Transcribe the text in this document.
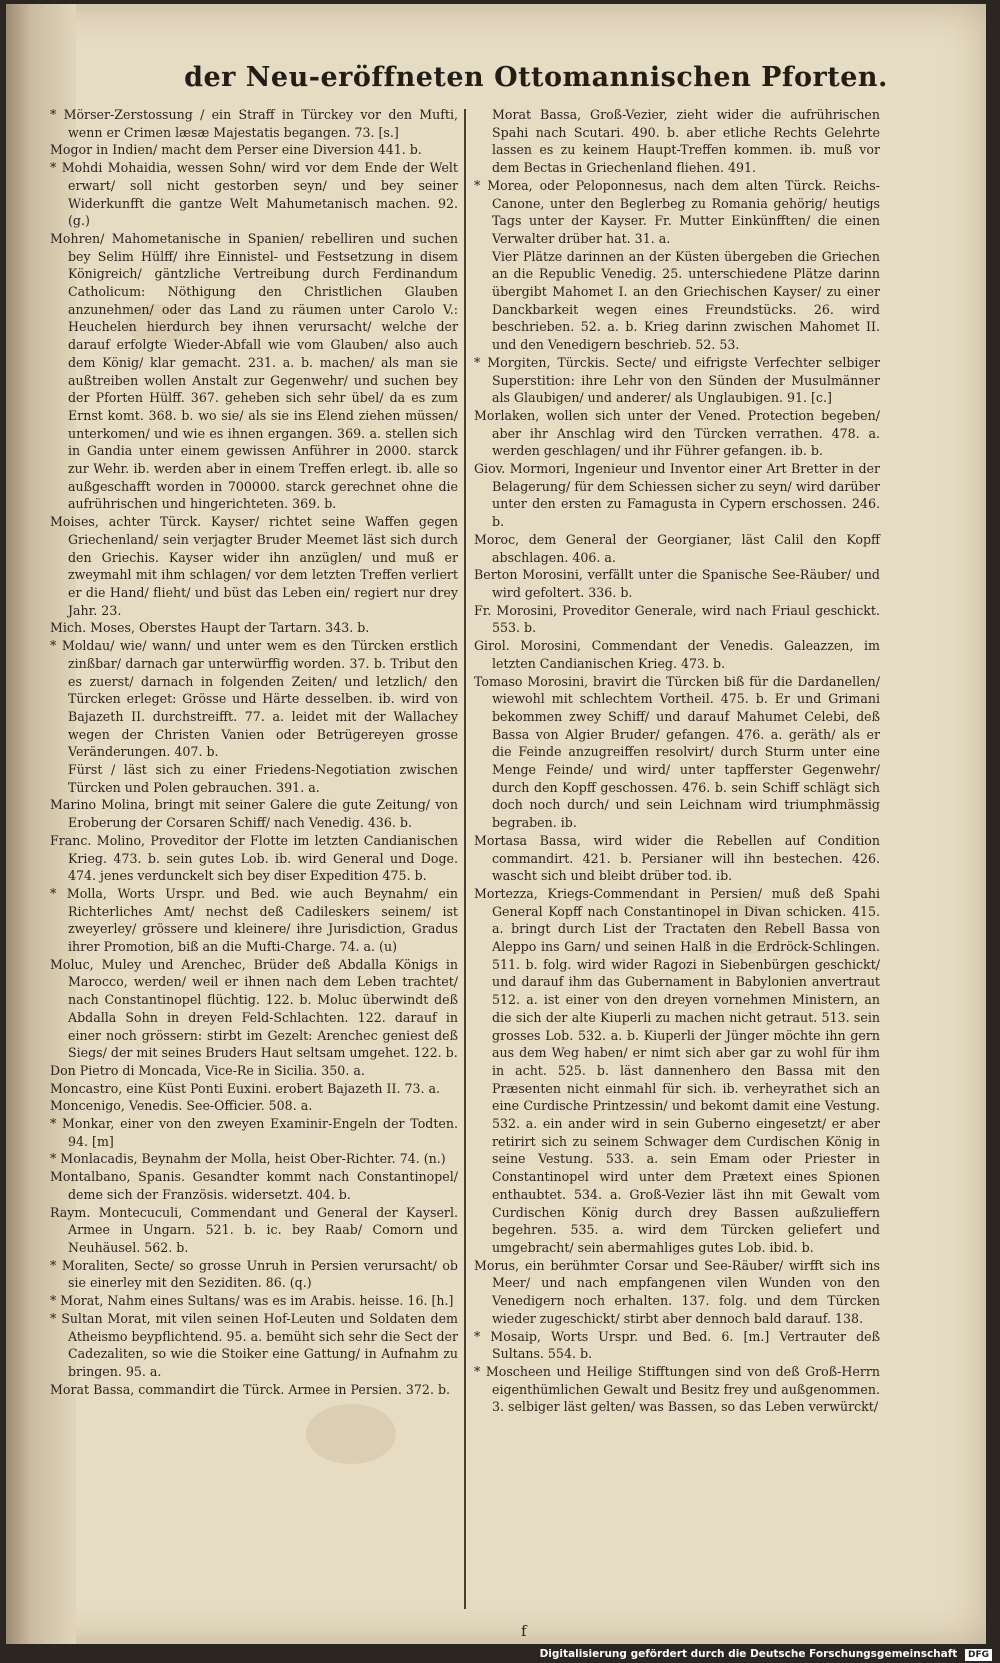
der Neu-eröffneten Ottomannischen Pforten.
* Mörser-Zerstossung / ein Straff in Türckey vor den Mufti, wenn er Crimen læsæ Majestatis begangen. 73. [s.]
Mogor in Indien/ macht dem Perser eine Diversion 441. b.
* Mohdi Mohaidia, wessen Sohn/ wird vor dem Ende der Welt erwart/ soll nicht gestorben seyn/ und bey seiner Widerkunfft die gantze Welt Mahumetanisch machen. 92. (g.)
Mohren/ Mahometanische in Spanien/ rebelliren und suchen bey Selim Hülff/ ihre Einnistel- und Festsetzung in disem Königreich/ gäntzliche Vertreibung durch Ferdinandum Catholicum: Nöthigung den Christlichen Glauben anzunehmen/ oder das Land zu räumen unter Carolo V.: Heuchelen hierdurch bey ihnen verursacht/ welche der darauf erfolgte Wieder-Abfall wie vom Glauben/ also auch dem König/ klar gemacht. 231. a. b. machen/ als man sie außtreiben wollen Anstalt zur Gegenwehr/ und suchen bey der Pforten Hülff. 367. geheben sich sehr übel/ da es zum Ernst komt. 368. b. wo sie/ als sie ins Elend ziehen müssen/ unterkomen/ und wie es ihnen ergangen. 369. a. stellen sich in Gandia unter einem gewissen Anführer in 2000. starck zur Wehr. ib. werden aber in einem Treffen erlegt. ib. alle so außgeschafft worden in 700000. starck gerechnet ohne die aufrührischen und hingerichteten. 369. b.
Moises, achter Türck. Kayser/ richtet seine Waffen gegen Griechenland/ sein verjagter Bruder Meemet läst sich durch den Griechis. Kayser wider ihn anzüglen/ und muß er zweymahl mit ihm schlagen/ vor dem letzten Treffen verliert er die Hand/ flieht/ und büst das Leben ein/ regiert nur drey Jahr. 23.
Mich. Moses, Oberstes Haupt der Tartarn. 343. b.
* Moldau/ wie/ wann/ und unter wem es den Türcken erstlich zinßbar/ darnach gar unterwürffig worden. 37. b. Tribut den es zuerst/ darnach in folgenden Zeiten/ und letzlich/ den Türcken erleget: Grösse und Härte desselben. ib. wird von Bajazeth II. durchstreifft. 77. a. leidet mit der Wallachey wegen der Christen Vanien oder Betrügereyen grosse Veränderungen. 407. b.
Fürst / läst sich zu einer Friedens-Negotiation zwischen Türcken und Polen gebrauchen. 391. a.
Marino Molina, bringt mit seiner Galere die gute Zeitung/ von Eroberung der Corsaren Schiff/ nach Venedig. 436. b.
Franc. Molino, Proveditor der Flotte im letzten Candianischen Krieg. 473. b. sein gutes Lob. ib. wird General und Doge. 474. jenes verdunckelt sich bey diser Expedition 475. b.
* Molla, Worts Urspr. und Bed. wie auch Beynahm/ ein Richterliches Amt/ nechst deß Cadileskers seinem/ ist zweyerley/ grössere und kleinere/ ihre Jurisdiction, Gradus ihrer Promotion, biß an die Mufti-Charge. 74. a. (u)
Moluc, Muley und Arenchec, Brüder deß Abdalla Königs in Marocco, werden/ weil er ihnen nach dem Leben trachtet/ nach Constantinopel flüchtig. 122. b. Moluc überwindt deß Abdalla Sohn in dreyen Feld-Schlachten. 122. darauf in einer noch grössern: stirbt im Gezelt: Arenchec geniest deß Siegs/ der mit seines Bruders Haut seltsam umgehet. 122. b.
Don Pietro di Moncada, Vice-Re in Sicilia. 350. a.
Moncastro, eine Küst Ponti Euxini. erobert Bajazeth II. 73. a.
Moncenigo, Venedis. See-Officier. 508. a.
* Monkar, einer von den zweyen Examinir-Engeln der Todten. 94. [m]
* Monlacadis, Beynahm der Molla, heist Ober-Richter. 74. (n.)
Montalbano, Spanis. Gesandter kommt nach Constantinopel/ deme sich der Französis. widersetzt. 404. b.
Raym. Montecuculi, Commendant und General der Kayserl. Armee in Ungarn. 521. b. ic. bey Raab/ Comorn und Neuhäusel. 562. b.
* Moraliten, Secte/ so grosse Unruh in Persien verursacht/ ob sie einerley mit den Seziditen. 86. (q.)
* Morat, Nahm eines Sultans/ was es im Arabis. heisse. 16. [h.]
* Sultan Morat, mit vilen seinen Hof-Leuten und Soldaten dem Atheismo beypflichtend. 95. a. bemüht sich sehr die Sect der Cadezaliten, so wie die Stoiker eine Gattung/ in Aufnahm zu bringen. 95. a.
Morat Bassa, commandirt die Türck. Armee in Persien. 372. b.
Morat Bassa, Groß-Vezier, zieht wider die aufrührischen Spahi nach Scutari. 490. b. aber etliche Rechts Gelehrte lassen es zu keinem Haupt-Treffen kommen. ib. muß vor dem Bectas in Griechenland fliehen. 491.
* Morea, oder Peloponnesus, nach dem alten Türck. Reichs-Canone, unter den Beglerbeg zu Romania gehörig/ heutigs Tags unter der Kayser. Fr. Mutter Einkünfften/ die einen Verwalter drüber hat. 31. a.
Vier Plätze darinnen an der Küsten übergeben die Griechen an die Republic Venedig. 25. unterschiedene Plätze darinn übergibt Mahomet I. an den Griechischen Kayser/ zu einer Danckbarkeit wegen eines Freundstücks. 26. wird beschrieben. 52. a. b. Krieg darinn zwischen Mahomet II. und den Venedigern beschrieb. 52. 53.
* Morgiten, Türckis. Secte/ und eifrigste Verfechter selbiger Superstition: ihre Lehr von den Sünden der Musulmänner als Glaubigen/ und anderer/ als Unglaubigen. 91. [c.]
Morlaken, wollen sich unter der Vened. Protection begeben/ aber ihr Anschlag wird den Türcken verrathen. 478. a. werden geschlagen/ und ihr Führer gefangen. ib. b.
Giov. Mormori, Ingenieur und Inventor einer Art Bretter in der Belagerung/ für dem Schiessen sicher zu seyn/ wird darüber unter den ersten zu Famagusta in Cypern erschossen. 246. b.
Moroc, dem General der Georgianer, läst Calil den Kopff abschlagen. 406. a.
Berton Morosini, verfällt unter die Spanische See-Räuber/ und wird gefoltert. 336. b.
Fr. Morosini, Proveditor Generale, wird nach Friaul geschickt. 553. b.
Girol. Morosini, Commendant der Venedis. Galeazzen, im letzten Candianischen Krieg. 473. b.
Tomaso Morosini, bravirt die Türcken biß für die Dardanellen/ wiewohl mit schlechtem Vortheil. 475. b. Er und Grimani bekommen zwey Schiff/ und darauf Mahumet Celebi, deß Bassa von Algier Bruder/ gefangen. 476. a. geräth/ als er die Feinde anzugreiffen resolvirt/ durch Sturm unter eine Menge Feinde/ und wird/ unter tapfferster Gegenwehr/ durch den Kopff geschossen. 476. b. sein Schiff schlägt sich doch noch durch/ und sein Leichnam wird triumphmässig begraben. ib.
Mortasa Bassa, wird wider die Rebellen auf Condition commandirt. 421. b. Persianer will ihn bestechen. 426. wascht sich und bleibt drüber tod. ib.
Mortezza, Kriegs-Commendant in Persien/ muß deß Spahi General Kopff nach Constantinopel in Divan schicken. 415. a. bringt durch List der Tractaten den Rebell Bassa von Aleppo ins Garn/ und seinen Halß in die Erdröck-Schlingen. 511. b. folg. wird wider Ragozi in Siebenbürgen geschickt/ und darauf ihm das Gubernament in Babylonien anvertraut 512. a. ist einer von den dreyen vornehmen Ministern, an die sich der alte Kiuperli zu machen nicht getraut. 513. sein grosses Lob. 532. a. b. Kiuperli der Jünger möchte ihn gern aus dem Weg haben/ er nimt sich aber gar zu wohl für ihm in acht. 525. b. läst dannenhero den Bassa mit den Præsenten nicht einmahl für sich. ib. verheyrathet sich an eine Curdische Printzessin/ und bekomt damit eine Vestung. 532. a. ein ander wird in sein Guberno eingesetzt/ er aber retirirt sich zu seinem Schwager dem Curdischen König in seine Vestung. 533. a. sein Emam oder Priester in Constantinopel wird unter dem Prætext eines Spionen enthaubtet. 534. a. Groß-Vezier läst ihn mit Gewalt vom Curdischen König durch drey Bassen außzulieffern begehren. 535. a. wird dem Türcken geliefert und umgebracht/ sein abermahliges gutes Lob. ibid. b.
Morus, ein berühmter Corsar und See-Räuber/ wirfft sich ins Meer/ und nach empfangenen vilen Wunden von den Venedigern noch erhalten. 137. folg. und dem Türcken wieder zugeschickt/ stirbt aber dennoch bald darauf. 138.
* Mosaip, Worts Urspr. und Bed. 6. [m.] Vertrauter deß Sultans. 554. b.
* Moscheen und Heilige Stifftungen sind von deß Groß-Herrn eigenthümlichen Gewalt und Besitz frey und außgenommen. 3. selbiger läst gelten/ was Bassen, so das Leben verwürckt/
f
Digitalisierung gefördert durch die Deutsche Forschungsgemeinschaft DFG
